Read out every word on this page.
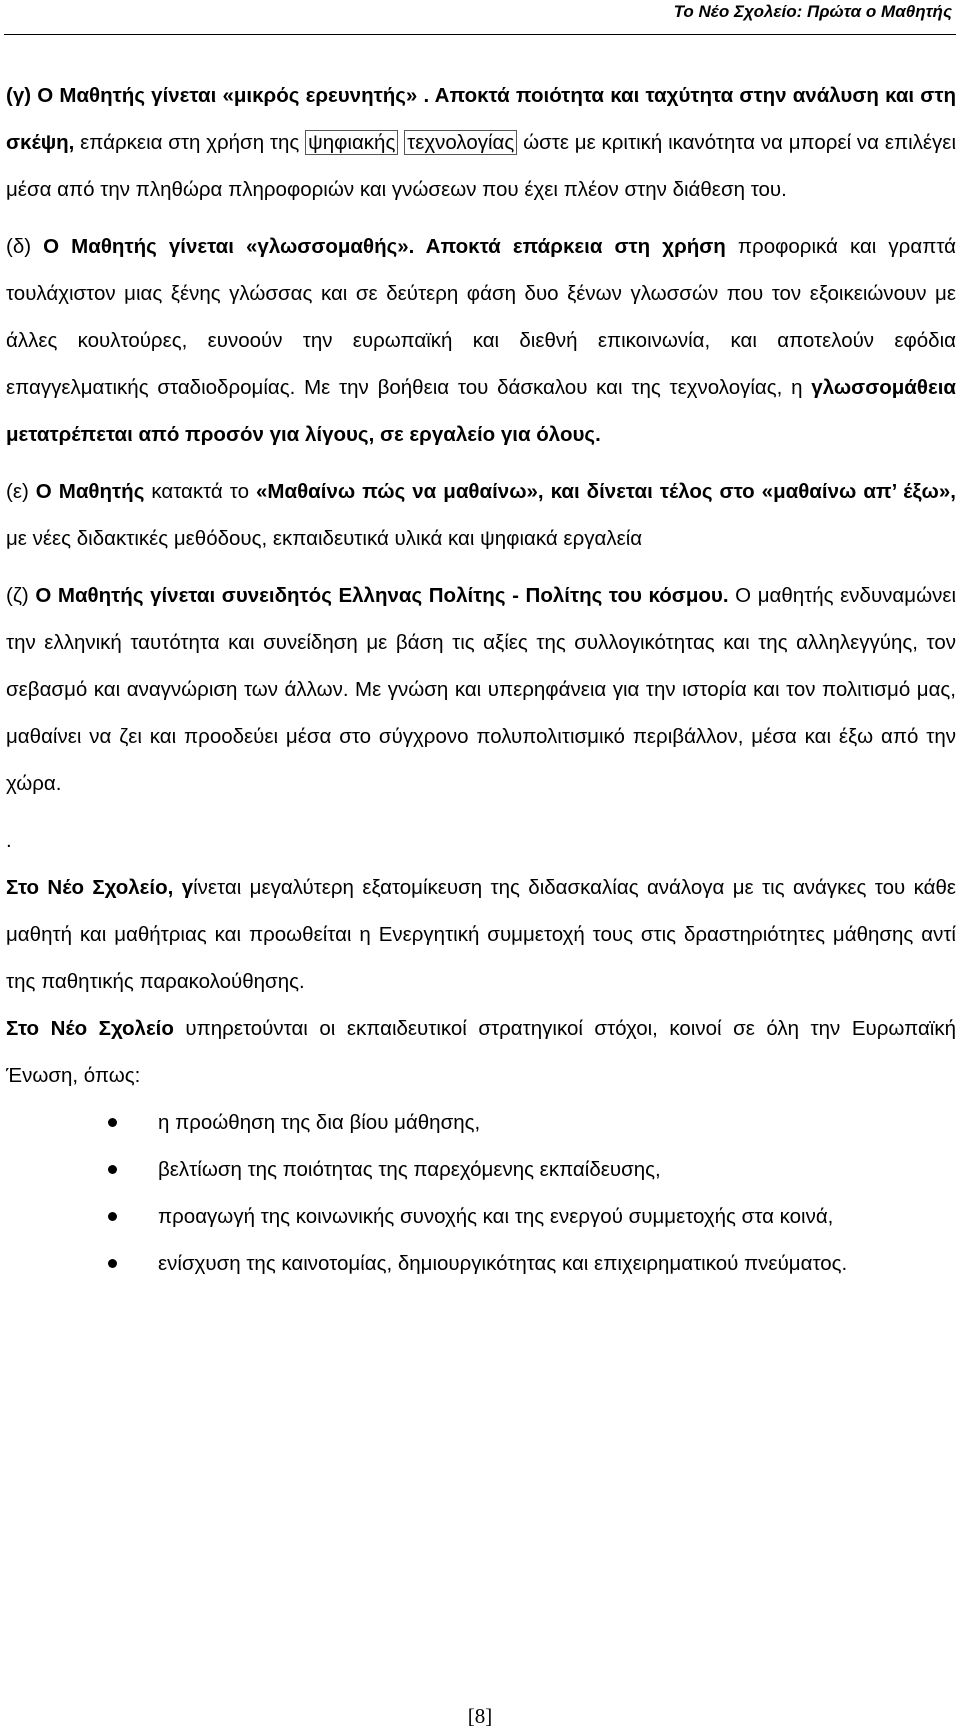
Το Νέο Σχολείο: Πρώτα ο Μαθητής

(γ) Ο Μαθητής γίνεται «μικρός ερευνητής» . Αποκτά ποιότητα και ταχύτητα στην ανάλυση και στη σκέψη, επάρκεια στη χρήση της ψηφιακής τεχνολογίας ώστε με κριτική ικανότητα να μπορεί να επιλέγει μέσα από την πληθώρα πληροφοριών και γνώσεων που έχει πλέον στην διάθεση του.

(δ) Ο Μαθητής γίνεται «γλωσσομαθής». Αποκτά επάρκεια στη χρήση προφορικά και γραπτά τουλάχιστον μιας ξένης γλώσσας και σε δεύτερη φάση δυο ξένων γλωσσών που τον εξοικειώνουν με άλλες κουλτούρες, ευνοούν την ευρωπαϊκή και διεθνή επικοινωνία, και αποτελούν εφόδια επαγγελματικής σταδιοδρομίας. Με την βοήθεια του δάσκαλου και της τεχνολογίας, η γλωσσομάθεια μετατρέπεται από προσόν για λίγους, σε εργαλείο για όλους.

(ε) Ο Μαθητής κατακτά το «Μαθαίνω πώς να μαθαίνω», και δίνεται τέλος στο «μαθαίνω απ’ έξω», με νέες διδακτικές μεθόδους, εκπαιδευτικά υλικά και ψηφιακά εργαλεία

(ζ) Ο Μαθητής γίνεται συνειδητός Ελληνας Πολίτης - Πολίτης του κόσμου. Ο μαθητής ενδυναμώνει την ελληνική ταυτότητα και συνείδηση με βάση τις αξίες της συλλογικότητας και της αλληλεγγύης, τον σεβασμό και αναγνώριση των άλλων. Με γνώση και υπερηφάνεια για την ιστορία και τον πολιτισμό μας, μαθαίνει να ζει και προοδεύει μέσα στο σύγχρονο πολυπολιτισμικό περιβάλλον, μέσα και έξω από την χώρα.

.

Στο Νέο Σχολείο, γίνεται μεγαλύτερη εξατομίκευση της διδασκαλίας ανάλογα με τις ανάγκες του κάθε μαθητή και μαθήτριας και προωθείται η Ενεργητική συμμετοχή τους στις δραστηριότητες μάθησης αντί της παθητικής παρακολούθησης.

Στο Νέο Σχολείο υπηρετούνται οι εκπαιδευτικοί στρατηγικοί στόχοι, κοινοί σε όλη την Ευρωπαϊκή Ένωση, όπως:

η προώθηση της δια βίου μάθησης,
βελτίωση της ποιότητας της παρεχόμενης εκπαίδευσης,
προαγωγή της κοινωνικής συνοχής και της ενεργού συμμετοχής στα κοινά,
ενίσχυση της καινοτομίας, δημιουργικότητας και επιχειρηματικού πνεύματος.
[8]
